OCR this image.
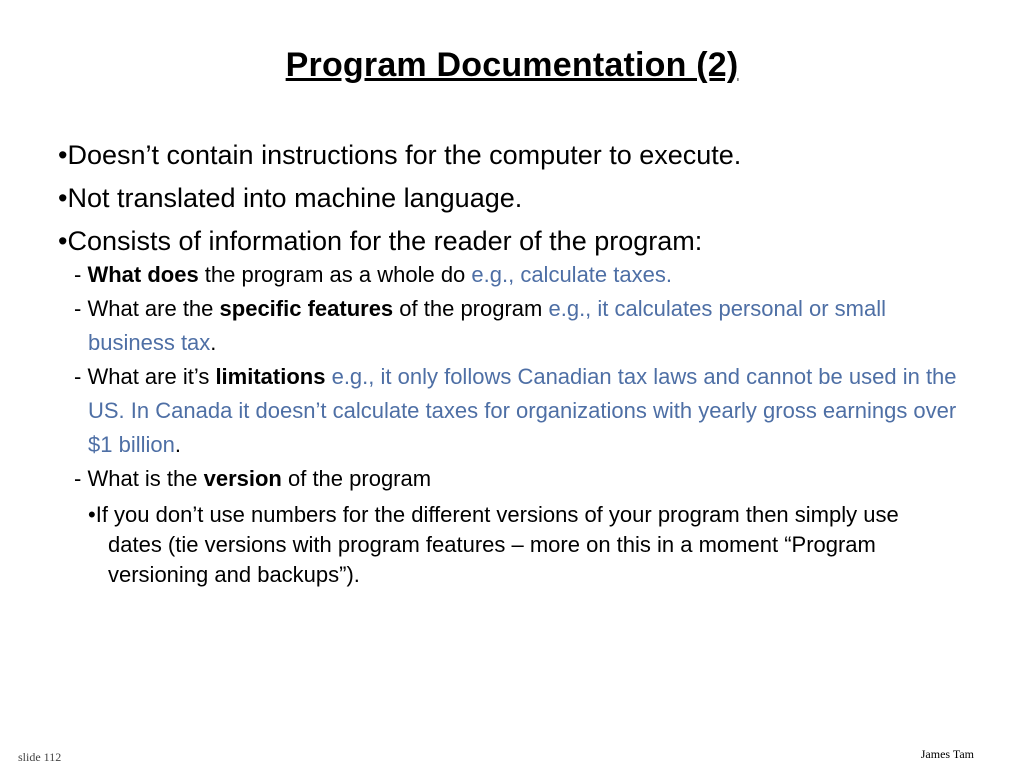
Program Documentation (2)
•Doesn’t contain instructions for the computer to execute.
•Not translated into machine language.
•Consists of information for the reader of the program:
- What does the program as a whole do e.g., calculate taxes.
- What are the specific features of the program e.g., it calculates personal or small business tax.
- What are it’s limitations e.g., it only follows Canadian tax laws and cannot be used in the US. In Canada it doesn’t calculate taxes for organizations with yearly gross earnings over $1 billion.
- What is the version of the program
•If you don’t use numbers for the different versions of your program then simply use dates (tie versions with program features – more on this in a moment “Program versioning and backups”).
slide 112	James Tam
